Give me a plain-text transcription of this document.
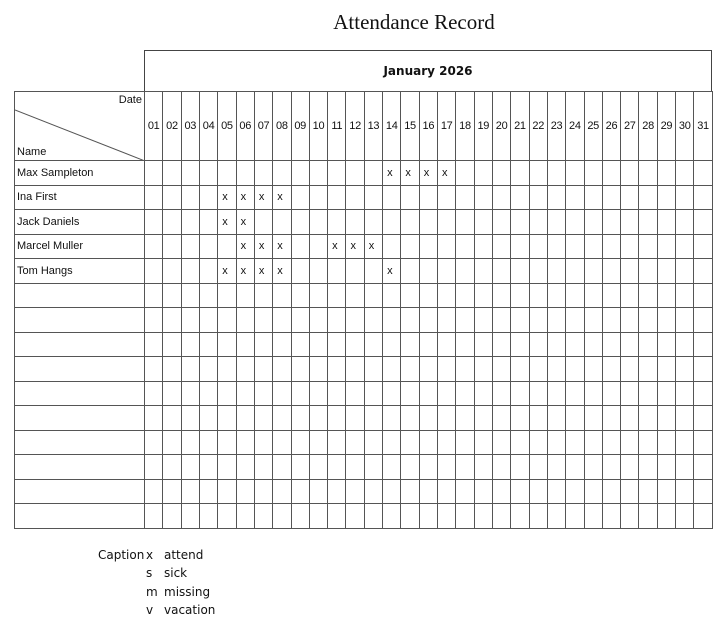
Attendance Record
January 2026
Date
Name	01	02	03	04	05	06	07	08	09	10	11	12	13	14	15	16	17	18	19	20	21	22	23	24	25	26	27	28	29	30	31
Max Sampleton														x	x	x	x														
Ina First					x	x	x	x																							
Jack Daniels					x	x																									
Marcel Muller						x	x	x			x	x	x																		
Tom Hangs					x	x	x	x						x																	

Caption x attend
s sick
m missing
v vacation
